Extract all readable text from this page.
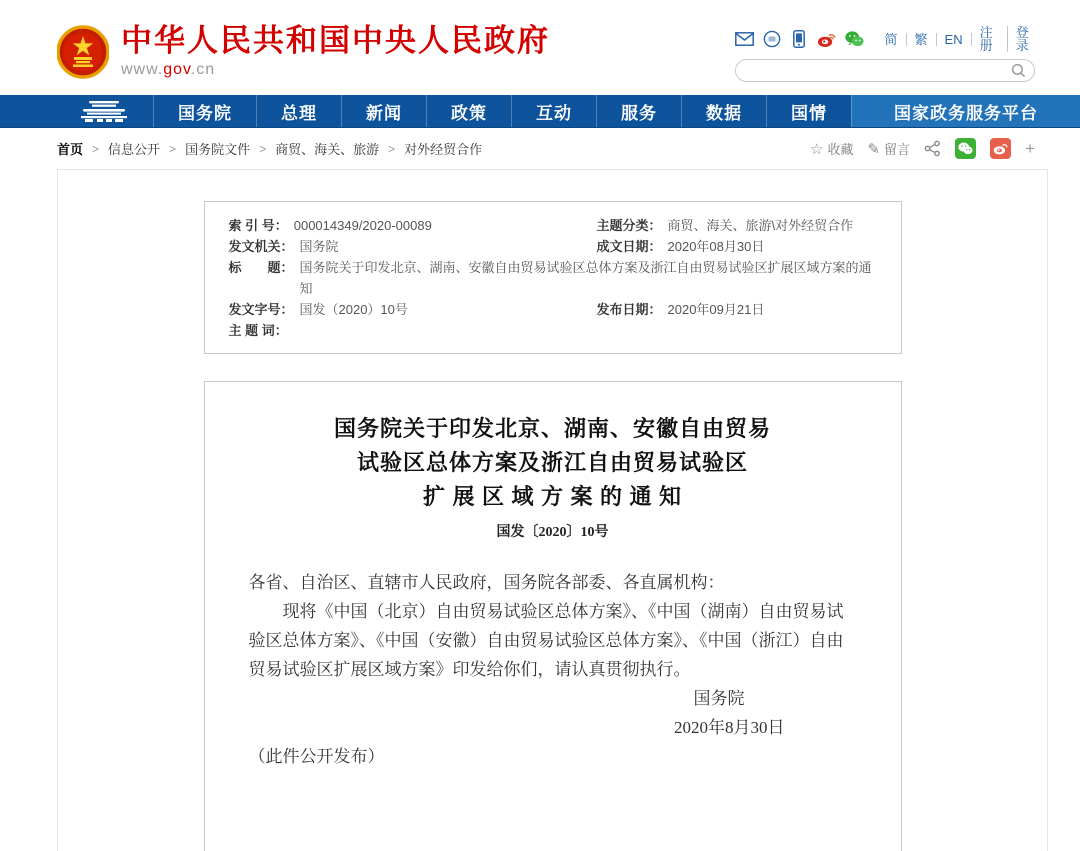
中华人民共和国中央人民政府
www.gov.cn
简	繁	EN	注册
登录
国务院	总理	新闻	政策	互动	服务	数据	国情	国家政务服务平台
首页 > 信息公开 > 国务院文件 > 商贸、海关、旅游 > 对外经贸合作	☆ 收藏 ✎ 留言	+
索 引 号： 000014349/2020-00089	主题分类： 商贸、海关、旅游\对外经贸合作
发文机关： 国务院	成文日期： 2020年08月30日
标　　题： 国务院关于印发北京、湖南、安徽自由贸易试验区总体方案及浙江自由贸易试验区扩展区域方案的通知
发文字号： 国发（2020）10号	发布日期： 2020年09月21日
主 题 词：
国务院关于印发北京、湖南、安徽自由贸易
试验区总体方案及浙江自由贸易试验区
扩 展 区 域 方 案 的 通 知
国发〔2020〕10号

各省、自治区、直辖市人民政府，国务院各部委、各直属机构：

现将《中国（北京）自由贸易试验区总体方案》、《中国（湖南）自由贸易试验区总体方案》、《中国（安徽）自由贸易试验区总体方案》、《中国（浙江）自由贸易试验区扩展区域方案》印发给你们，请认真贯彻执行。

国务院

2020年8月30日

（此件公开发布）
